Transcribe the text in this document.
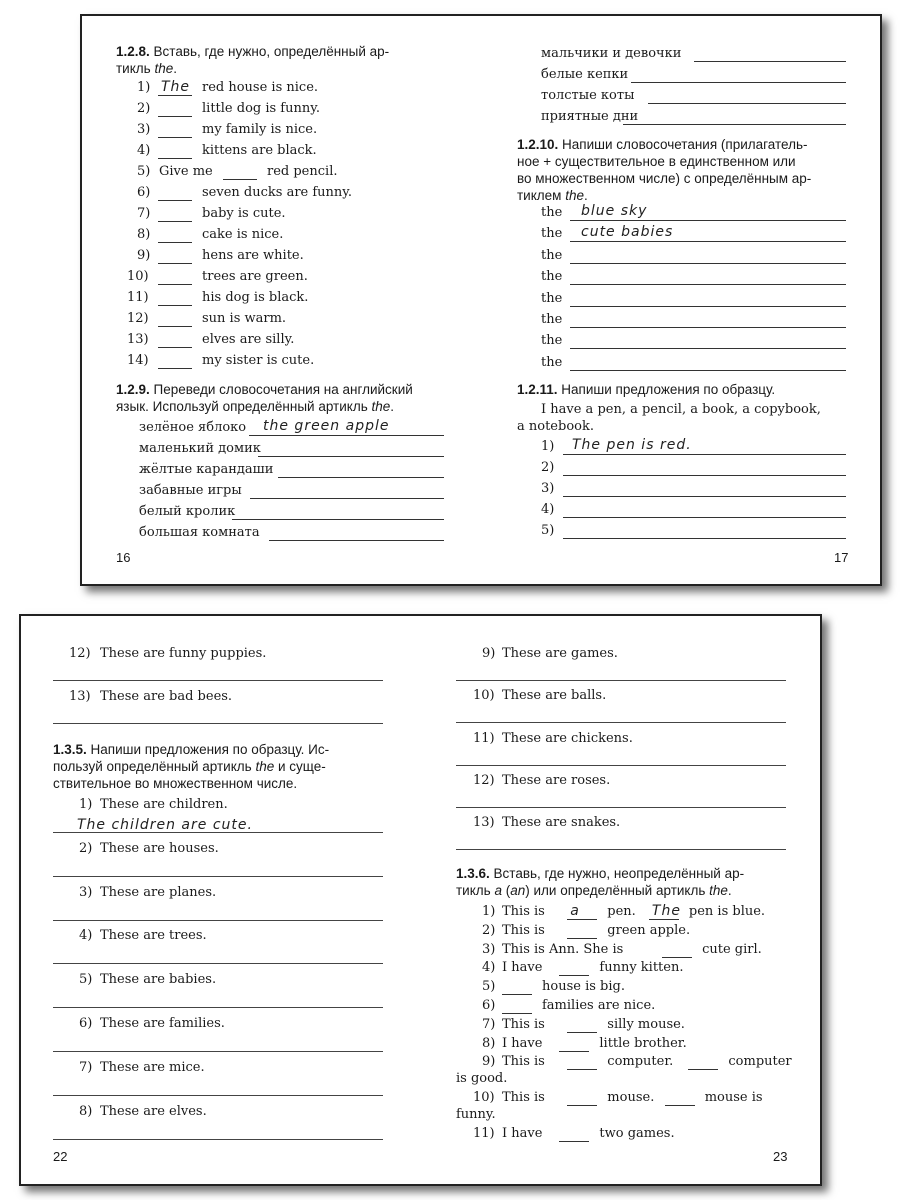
1.2.8. Вставь, где нужно, определённый ар-
тикль the.
1) The red house is nice.
2)	little dog is funny.
3)	my family is nice.
4)	kittens are black.
5) Give me	red pencil.
6)	seven ducks are funny.
7)	baby is cute.
8)	cake is nice.
9)	hens are white.
10)	trees are green.
11)	his dog is black.
12)	sun is warm.
13)	elves are silly.
14)	my sister is cute.
1.2.9. Переведи словосочетания на английский
язык. Используй определённый артикль the.
зелёное яблоко the green apple
маленький домик
жёлтые карандаши
забавные игры
белый кролик
большая комната
16
мальчики и девочки
белые кепки
толстые коты
приятные дни
1.2.10. Напиши словосочетания (прилагатель-
ное + существительное в единственном или
во множественном числе) с определённым ар-
тиклем the.
the blue sky
the cute babies
the
the
the
the
the
the
1.2.11. Напиши предложения по образцу.
I have a pen, a pencil, a book, a copybook,
a notebook.
1) The pen is red.
2)
3)
4)
5)
17
12) These are funny puppies.
13) These are bad bees.
1.3.5. Напиши предложения по образцу. Ис-
пользуй определённый артикль the и суще-
ствительное во множественном числе.
1) These are children.
The children are cute.
2) These are houses.
3) These are planes.
4) These are trees.
5) These are babies.
6) These are families.
7) These are mice.
8) These are elves.
22
9) These are games.
10) These are balls.
11) These are chickens.
12) These are roses.
13) These are snakes.
1.3.6. Вставь, где нужно, неопределённый ар-
тикль a (an) или определённый артикль the.
1) This is a pen. The pen is blue.
2) This is	green apple.
3) This is Ann. She is	cute girl.
4) I have	funny kitten.
5)	house is big.
6)	families are nice.
7) This is	silly mouse.
8) I have	little brother.
9) This is	computer.	computer
is good.
10) This is	mouse.	mouse is
funny.
11) I have	two games.
23
